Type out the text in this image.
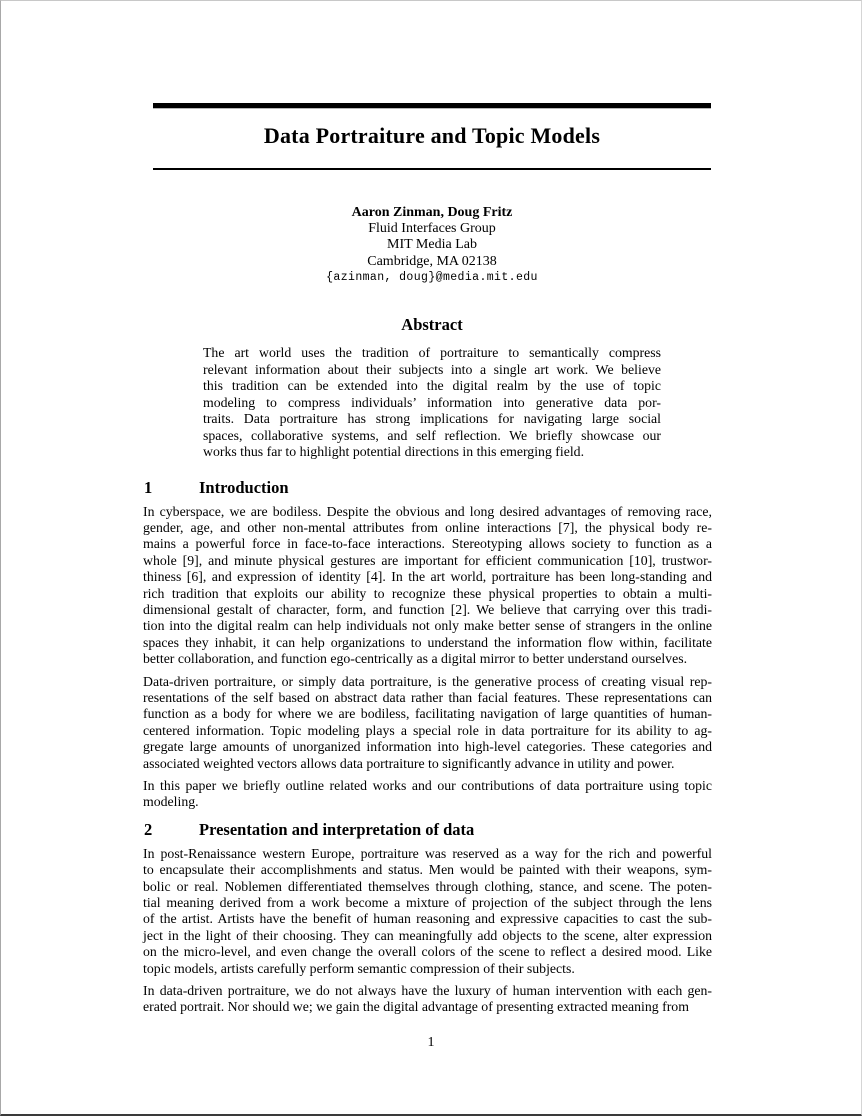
Data Portraiture and Topic Models
Aaron Zinman, Doug Fritz
Fluid Interfaces Group
MIT Media Lab
Cambridge, MA 02138
{azinman, doug}@media.mit.edu
Abstract
The art world uses the tradition of portraiture to semantically compress
relevant information about their subjects into a single art work. We believe
this tradition can be extended into the digital realm by the use of topic
modeling to compress individuals’ information into generative data por-
traits. Data portraiture has strong implications for navigating large social
spaces, collaborative systems, and self reflection. We briefly showcase our
works thus far to highlight potential directions in this emerging field.
1	Introduction
In cyberspace, we are bodiless. Despite the obvious and long desired advantages of removing race,
gender, age, and other non-mental attributes from online interactions [7], the physical body re-
mains a powerful force in face-to-face interactions. Stereotyping allows society to function as a
whole [9], and minute physical gestures are important for efficient communication [10], trustwor-
thiness [6], and expression of identity [4]. In the art world, portraiture has been long-standing and
rich tradition that exploits our ability to recognize these physical properties to obtain a multi-
dimensional gestalt of character, form, and function [2]. We believe that carrying over this tradi-
tion into the digital realm can help individuals not only make better sense of strangers in the online
spaces they inhabit, it can help organizations to understand the information flow within, facilitate
better collaboration, and function ego-centrically as a digital mirror to better understand ourselves.
Data-driven portraiture, or simply data portraiture, is the generative process of creating visual rep-
resentations of the self based on abstract data rather than facial features. These representations can
function as a body for where we are bodiless, facilitating navigation of large quantities of human-
centered information. Topic modeling plays a special role in data portraiture for its ability to ag-
gregate large amounts of unorganized information into high-level categories. These categories and
associated weighted vectors allows data portraiture to significantly advance in utility and power.
In this paper we briefly outline related works and our contributions of data portraiture using topic
modeling.
2	Presentation and interpretation of data
In post-Renaissance western Europe, portraiture was reserved as a way for the rich and powerful
to encapsulate their accomplishments and status. Men would be painted with their weapons, sym-
bolic or real. Noblemen differentiated themselves through clothing, stance, and scene. The poten-
tial meaning derived from a work become a mixture of projection of the subject through the lens
of the artist. Artists have the benefit of human reasoning and expressive capacities to cast the sub-
ject in the light of their choosing. They can meaningfully add objects to the scene, alter expression
on the micro-level, and even change the overall colors of the scene to reflect a desired mood. Like
topic models, artists carefully perform semantic compression of their subjects.
In data-driven portraiture, we do not always have the luxury of human intervention with each gen-
erated portrait. Nor should we; we gain the digital advantage of presenting extracted meaning from
1
